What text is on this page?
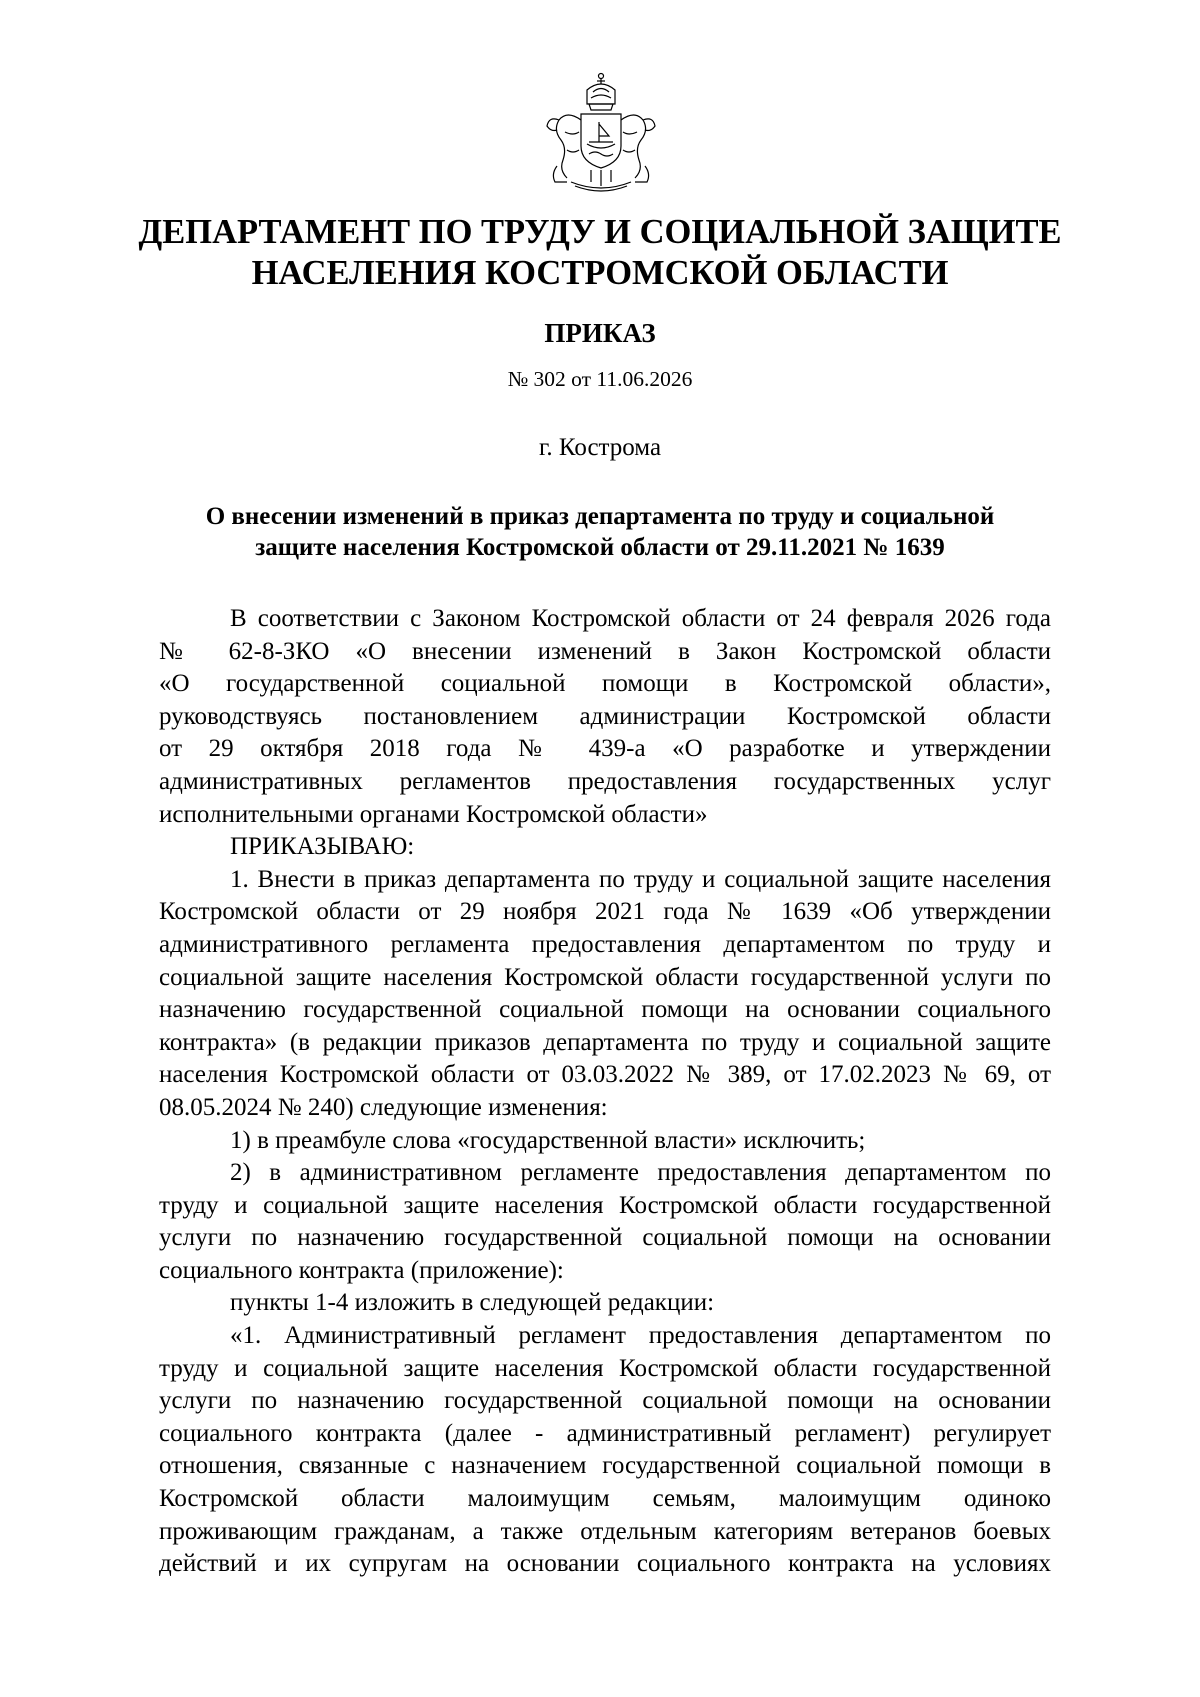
ДЕПАРТАМЕНТ ПО ТРУДУ И СОЦИАЛЬНОЙ ЗАЩИТЕ
НАСЕЛЕНИЯ КОСТРОМСКОЙ ОБЛАСТИ
ПРИКАЗ
№ 302 от 11.06.2026
г. Кострома
О внесении изменений в приказ департамента по труду и социальной
защите населения Костромской области от 29.11.2021 № 1639
В соответствии с Законом Костромской области от 24 февраля 2026 года
№ 62-8-ЗКО «О внесении изменений в Закон Костромской области
«О государственной социальной помощи в Костромской области»,
руководствуясь постановлением администрации Костромской области
от 29 октября 2018 года № 439-а «О разработке и утверждении
административных регламентов предоставления государственных услуг
исполнительными органами Костромской области»
ПРИКАЗЫВАЮ:
1. Внести в приказ департамента по труду и социальной защите населения
Костромской области от 29 ноября 2021 года № 1639 «Об утверждении
административного регламента предоставления департаментом по труду и
социальной защите населения Костромской области государственной услуги по
назначению государственной социальной помощи на основании социального
контракта» (в редакции приказов департамента по труду и социальной защите
населения Костромской области от 03.03.2022 № 389, от 17.02.2023 № 69, от
08.05.2024 № 240) следующие изменения:
1) в преамбуле слова «государственной власти» исключить;
2) в административном регламенте предоставления департаментом по
труду и социальной защите населения Костромской области государственной
услуги по назначению государственной социальной помощи на основании
социального контракта (приложение):
пункты 1-4 изложить в следующей редакции:
«1. Административный регламент предоставления департаментом по
труду и социальной защите населения Костромской области государственной
услуги по назначению государственной социальной помощи на основании
социального контракта (далее - административный регламент) регулирует
отношения, связанные с назначением государственной социальной помощи в
Костромской области малоимущим семьям, малоимущим одиноко
проживающим гражданам, а также отдельным категориям ветеранов боевых
действий и их супругам на основании социального контракта на условиях
